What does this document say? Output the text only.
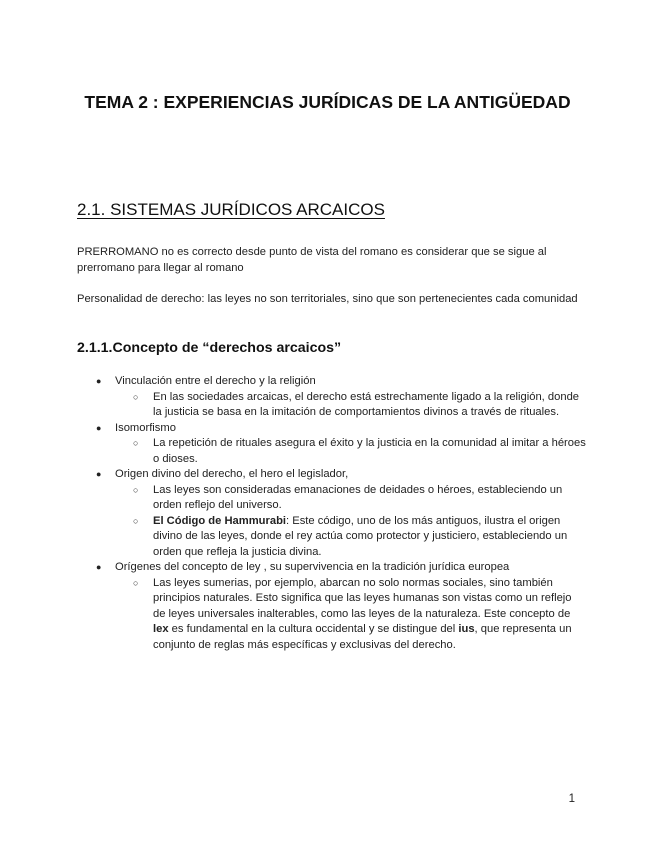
TEMA 2 : EXPERIENCIAS JURÍDICAS DE LA ANTIGÜEDAD
2.1. SISTEMAS JURÍDICOS ARCAICOS

PRERROMANO no es correcto desde punto de vista del romano es considerar que se sigue al prerromano para llegar al romano

Personalidad de derecho: las leyes no son territoriales, sino que son pertenecientes cada comunidad

2.1.1.Concepto de “derechos arcaicos”
● Vinculación entre el derecho y la religión
○ En las sociedades arcaicas, el derecho está estrechamente ligado a la religión, donde la justicia se basa en la imitación de comportamientos divinos a través de rituales.
● Isomorfismo
○ La repetición de rituales asegura el éxito y la justicia en la comunidad al imitar a héroes o dioses.
● Origen divino del derecho, el hero el legislador,
○ Las leyes son consideradas emanaciones de deidades o héroes, estableciendo un orden reflejo del universo.
○ El Código de Hammurabi: Este código, uno de los más antiguos, ilustra el origen divino de las leyes, donde el rey actúa como protector y justiciero, estableciendo un orden que refleja la justicia divina.
● Orígenes del concepto de ley , su supervivencia en la tradición jurídica europea
○ Las leyes sumerias, por ejemplo, abarcan no solo normas sociales, sino también principios naturales. Esto significa que las leyes humanas son vistas como un reflejo de leyes universales inalterables, como las leyes de la naturaleza. Este concepto de lex es fundamental en la cultura occidental y se distingue del ius, que representa un conjunto de reglas más específicas y exclusivas del derecho.
1
